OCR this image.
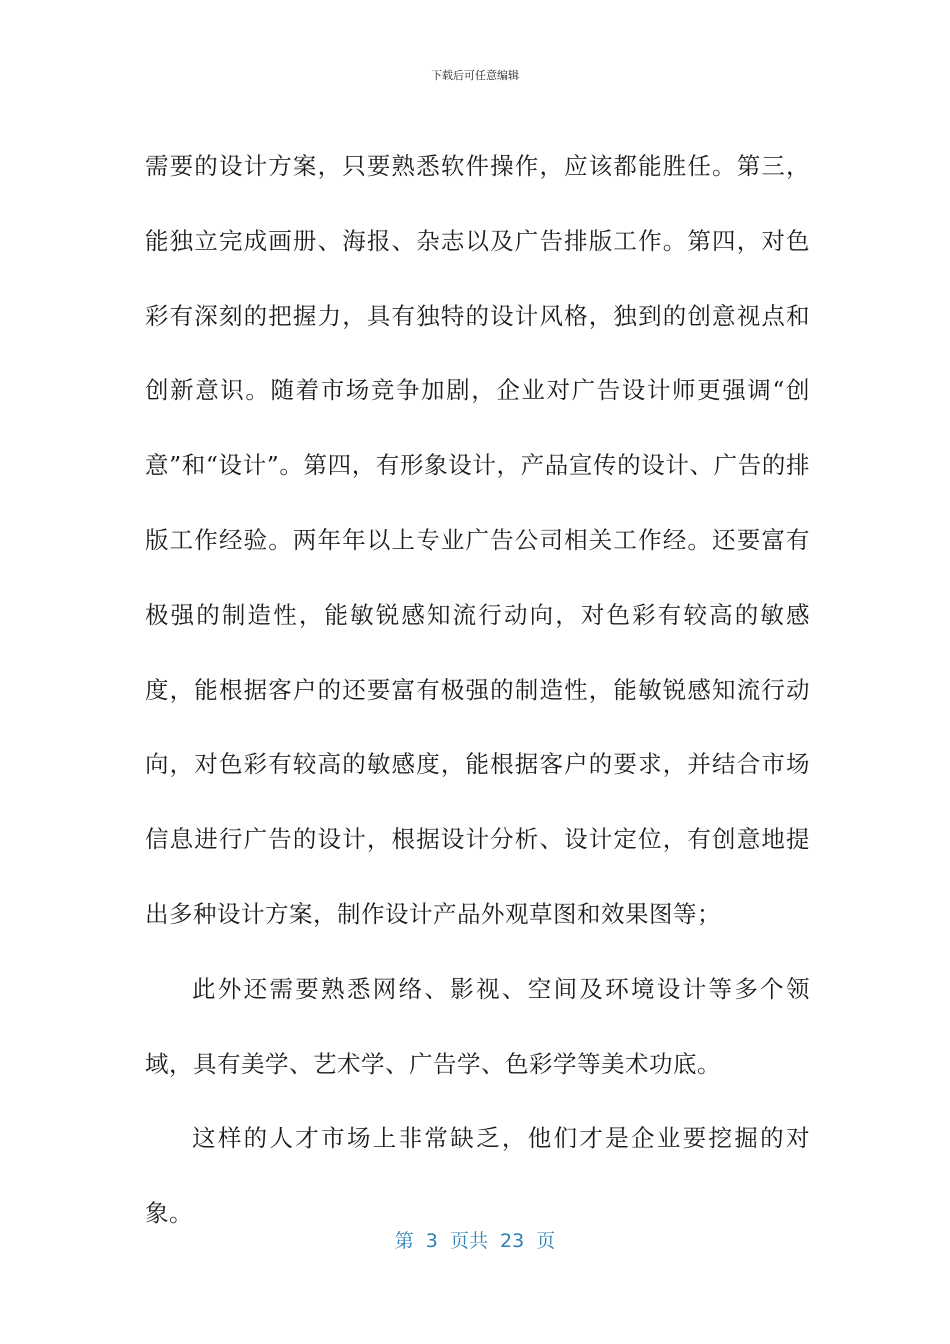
下载后可任意编辑

需要的设计方案，只要熟悉软件操作，应该都能胜任。第三，能独立完成画册、海报、杂志以及广告排版工作。第四，对色彩有深刻的把握力，具有独特的设计风格，独到的创意视点和创新意识。随着市场竞争加剧，企业对广告设计师更强调“创意”和“设计”。第四，有形象设计，产品宣传的设计、广告的排版工作经验。两年年以上专业广告公司相关工作经。还要富有极强的制造性，能敏锐感知流行动向，对色彩有较高的敏感度，能根据客户的还要富有极强的制造性，能敏锐感知流行动向，对色彩有较高的敏感度，能根据客户的要求，并结合市场信息进行广告的设计，根据设计分析、设计定位，有创意地提出多种设计方案，制作设计产品外观草图和效果图等；

此外还需要熟悉网络、影视、空间及环境设计等多个领域，具有美学、艺术学、广告学、色彩学等美术功底。

这样的人才市场上非常缺乏，他们才是企业要挖掘的对象。

第  3  页共  23  页
